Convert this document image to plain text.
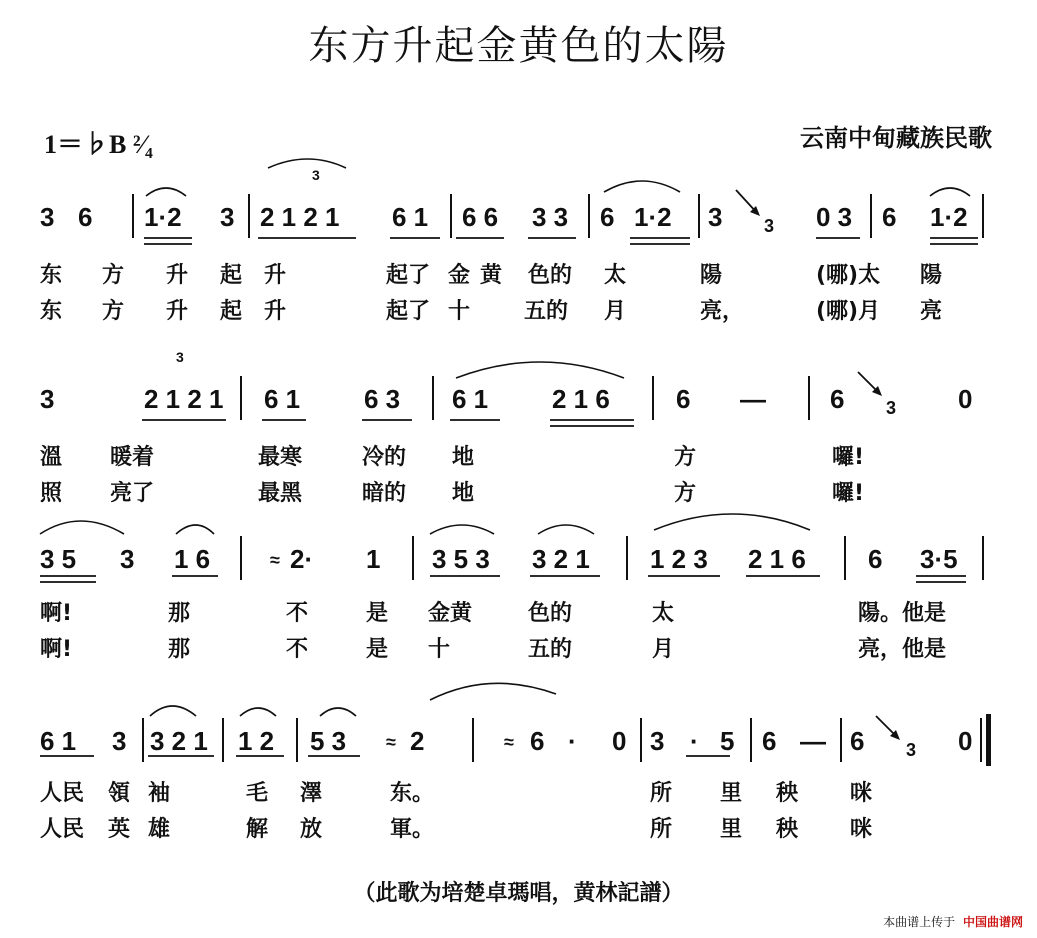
东方升起金黄色的太陽
1＝♭B ²⁄₄	云南中甸藏族民歌
3 6 1·2 3 2 1 2 1 6 1 6 6 3 3 6 1·2 3 3 0 3 6 1·2
东 方 升 起 升	起了 金 黄 色的 太	陽	(哪)太 陽
东 方 升 起 升	起了 十 五的 月	亮，	(哪)月 亮
3	2 1 2 1 6 1 6 3 6 1 2 1 6	6 — 6 3 0
溫 暖着	最寒	冷的 地	方	囉!
照 亮了	最黑	暗的 地	方	囉!
3 5 3 1 6	≈ 2· 1 3 5 3 3 2 1 1 2 3 2 1 6 6 3·5
啊!	那	不	是 金黄	色的	太	陽。他是
啊!	那	不	是 十	五的	月	亮，他是
6 1 3 3 2 1 1 2 5 3 ≈ 2	≈ 6 · 0 3 · 5 6 — 6 3 0
人民 領 袖	毛 澤	东。	所 里 秧 咪
人民 英 雄	解 放	軍。	所 里 秧 咪
3
3
（此歌为培楚卓瑪唱，黄林記譜）
本曲谱上传于 中国曲谱网
